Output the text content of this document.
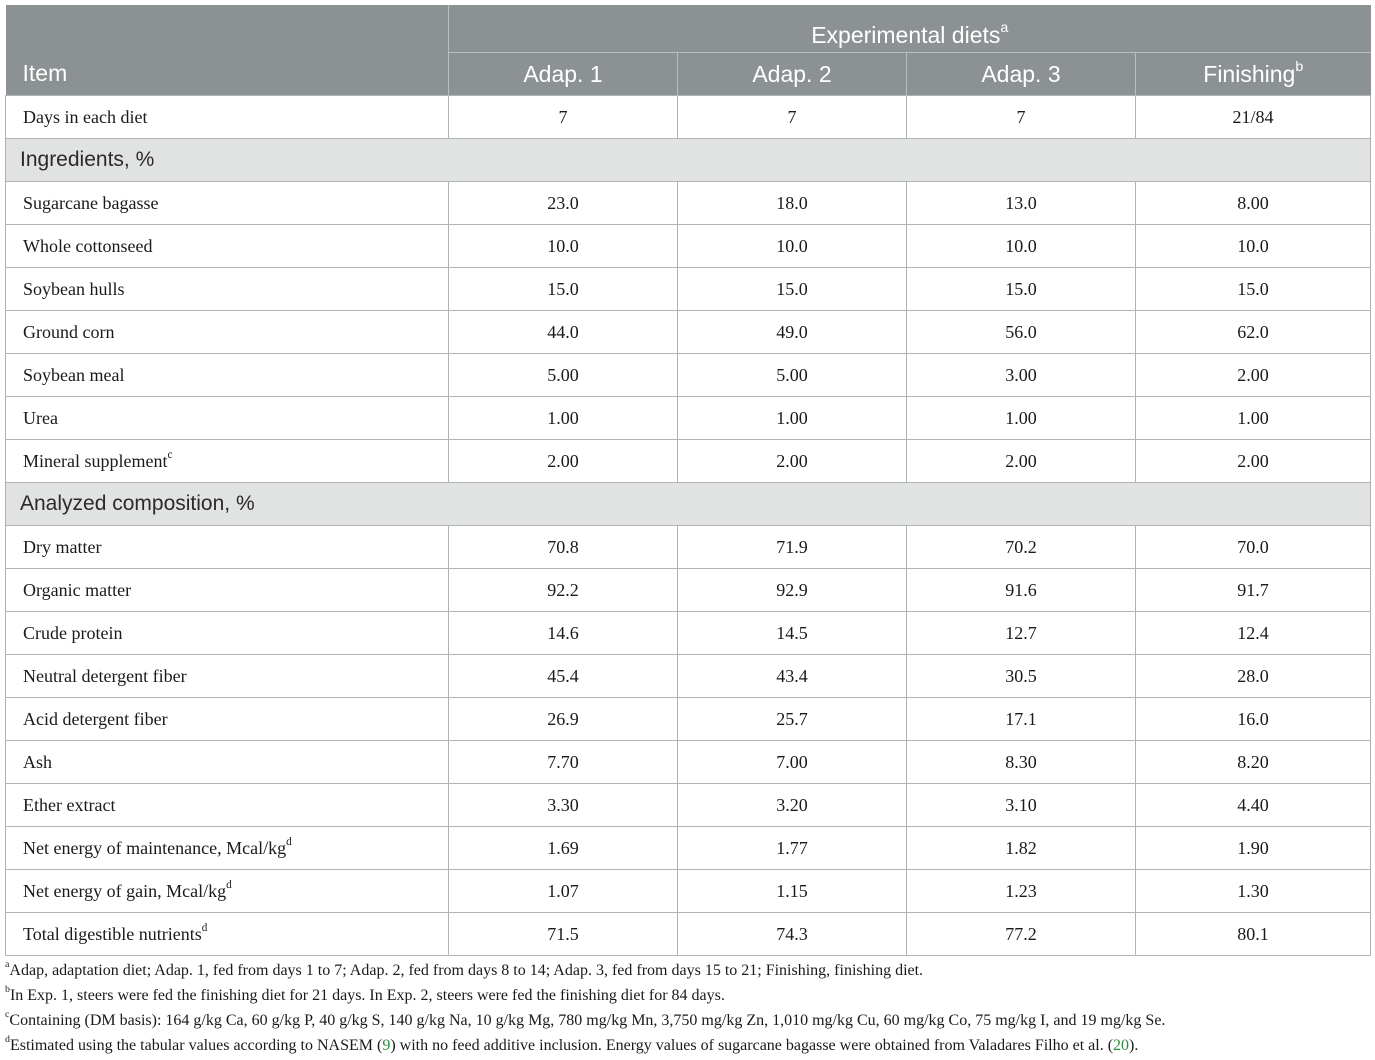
Item	Experimental diets$^a$
	Adap. 1	Adap. 2	Adap. 3	Finishing$^b$
Days in each diet	7	7	7	21/84
Ingredients, %				
Sugarcane bagasse	23.0	18.0	13.0	8.00
Whole cottonseed	10.0	10.0	10.0	10.0
Soybean hulls	15.0	15.0	15.0	15.0
Ground corn	44.0	49.0	56.0	62.0
Soybean meal	5.00	5.00	3.00	2.00
Urea	1.00	1.00	1.00	1.00
Mineral supplement$^c$	2.00	2.00	2.00	2.00
Analyzed composition, %				
Dry matter	70.8	71.9	70.2	70.0
Organic matter	92.2	92.9	91.6	91.7
Crude protein	14.6	14.5	12.7	12.4
Neutral detergent fiber	45.4	43.4	30.5	28.0
Acid detergent fiber	26.9	25.7	17.1	16.0
Ash	7.70	7.00	8.30	8.20
Ether extract	3.30	3.20	3.10	4.40
Net energy of maintenance, Mcal/$kg^d$	1.69	1.77	1.82	1.90
Net energy of gain, Mcal/$kg^d$	1.07	1.15	1.23	1.30
Total digestible nutrients$^d$	71.5	74.3	77.2	80.1

$^a$Adap, adaptation diet; Adap. 1, fed from days 1 to 7; Adap. 2, fed from days 8 to 14; Adap. 3, fed from days 15 to 21; Finishing, finishing diet.

$^b$In Exp. 1, steers were fed the finishing diet for 21 days. In Exp. 2, steers were fed the finishing diet for 84 days.

$^c$Containing (DM basis): 164 g/kg Ca, 60 g/kg P, 40 g/kg S, 140 g/kg Na, 10 g/kg Mg, 780 mg/kg Mn, 3,750 mg/kg Zn, 1,010 mg/kg Cu, 60 mg/kg Co, 75 mg/kg I, and 19 mg/kg Se.

$^d$Estimated using the tabular values according to NASEM (9) with no feed additive inclusion. Energy values of sugarcane bagasse were obtained from Valadares Filho et al. (20).
